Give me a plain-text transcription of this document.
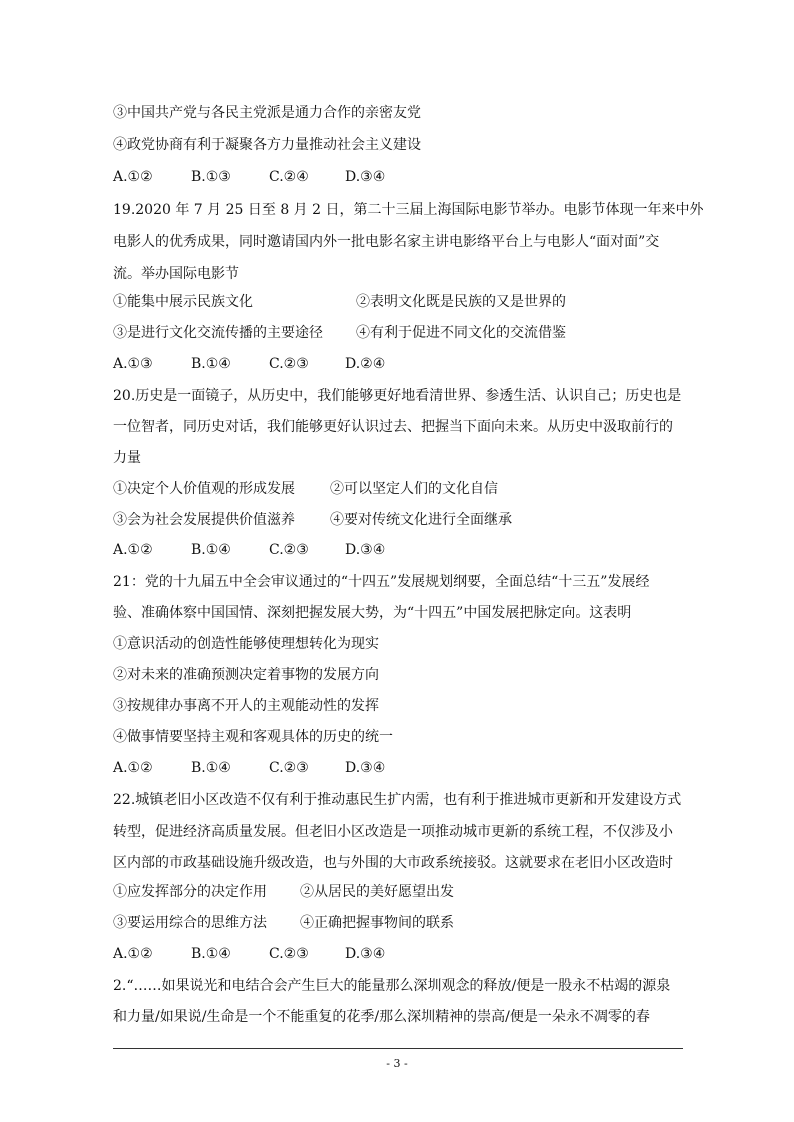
③中国共产党与各民主党派是通力合作的亲密友党
④政党协商有利于凝聚各方力量推动社会主义建设
A.①②	B.①③	C.②④	D.③④
19.2020 年 7 月 25 日至 8 月 2 日，第二十三届上海国际电影节举办。电影节体现一年来中外
电影人的优秀成果，同时邀请国内外一批电影名家主讲电影络平台上与电影人“面对面”交
流。举办国际电影节
①能集中展示民族文化	②表明文化既是民族的又是世界的
③是进行文化交流传播的主要途径 ④有利于促进不同文化的交流借鉴
A.①③	B.①④	C.②③	D.②④
20.历史是一面镜子，从历史中，我们能够更好地看清世界、参透生活、认识自己；历史也是
一位智者，同历史对话，我们能够更好认识过去、把握当下面向未来。从历史中汲取前行的
力量
①决定个人价值观的形成发展	②可以坚定人们的文化自信
③会为社会发展提供价值滋养	④要对传统文化进行全面继承
A.①②	B.①④	C.②③	D.③④
21：党的十九届五中全会审议通过的“十四五”发展规划纲要，全面总结“十三五”发展经
验、准确体察中国国情、深刻把握发展大势，为“十四五”中国发展把脉定向。这表明
①意识活动的创造性能够使理想转化为现实
②对未来的准确预测决定着事物的发展方向
③按规律办事离不开人的主观能动性的发挥
④做事情要坚持主观和客观具体的历史的统一
A.①②	B.①④	C.②③	D.③④
22.城镇老旧小区改造不仅有利于推动惠民生扩内需，也有利于推进城市更新和开发建设方式
转型，促进经济高质量发展。但老旧小区改造是一项推动城市更新的系统工程，不仅涉及小
区内部的市政基础设施升级改造，也与外围的大市政系统接驳。这就要求在老旧小区改造时
①应发挥部分的决定作用 ②从居民的美好愿望出发
③要运用综合的思维方法 ④正确把握事物间的联系
A.①②	B.①④	C.②③	D.③④
2.“……如果说光和电结合会产生巨大的能量那么深圳观念的释放/便是一股永不枯竭的源泉
和力量/如果说/生命是一个不能重复的花季/那么深圳精神的崇高/便是一朵永不凋零的春
- 3 -
